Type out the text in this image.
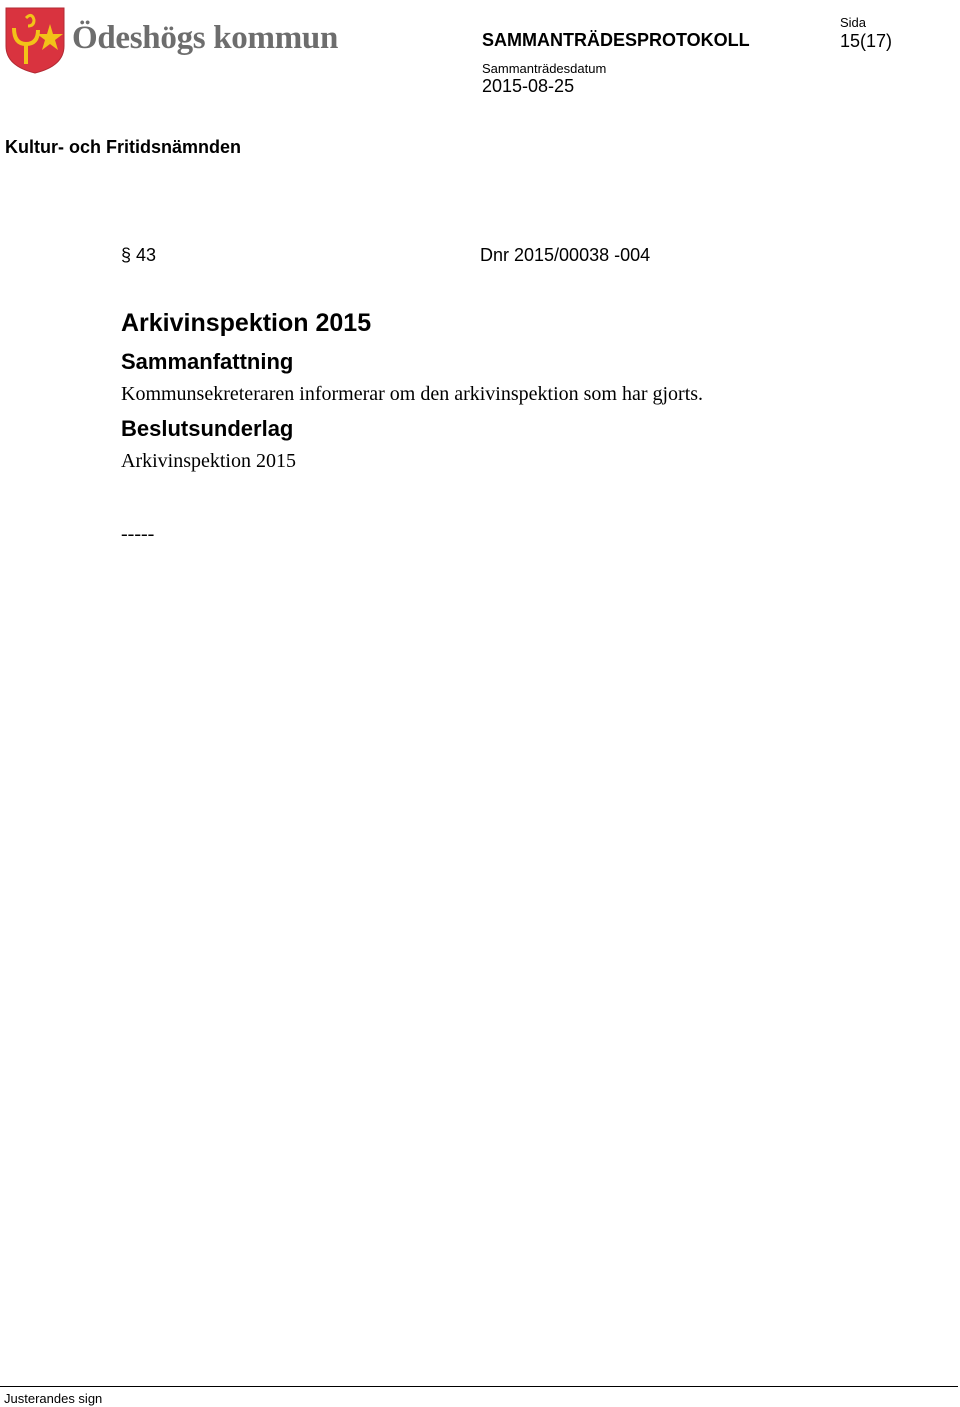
Ödeshögs kommun	SAMMANTRÄDESPROTOKOLL
Sida
15(17)
Sammanträdesdatum
2015-08-25
Kultur- och Fritidsnämnden
§ 43	Dnr 2015/00038 -004
Arkivinspektion 2015
Sammanfattning
Kommunsekreteraren informerar om den arkivinspektion som har gjorts.
Beslutsunderlag
Arkivinspektion 2015
-----
Justerandes sign
